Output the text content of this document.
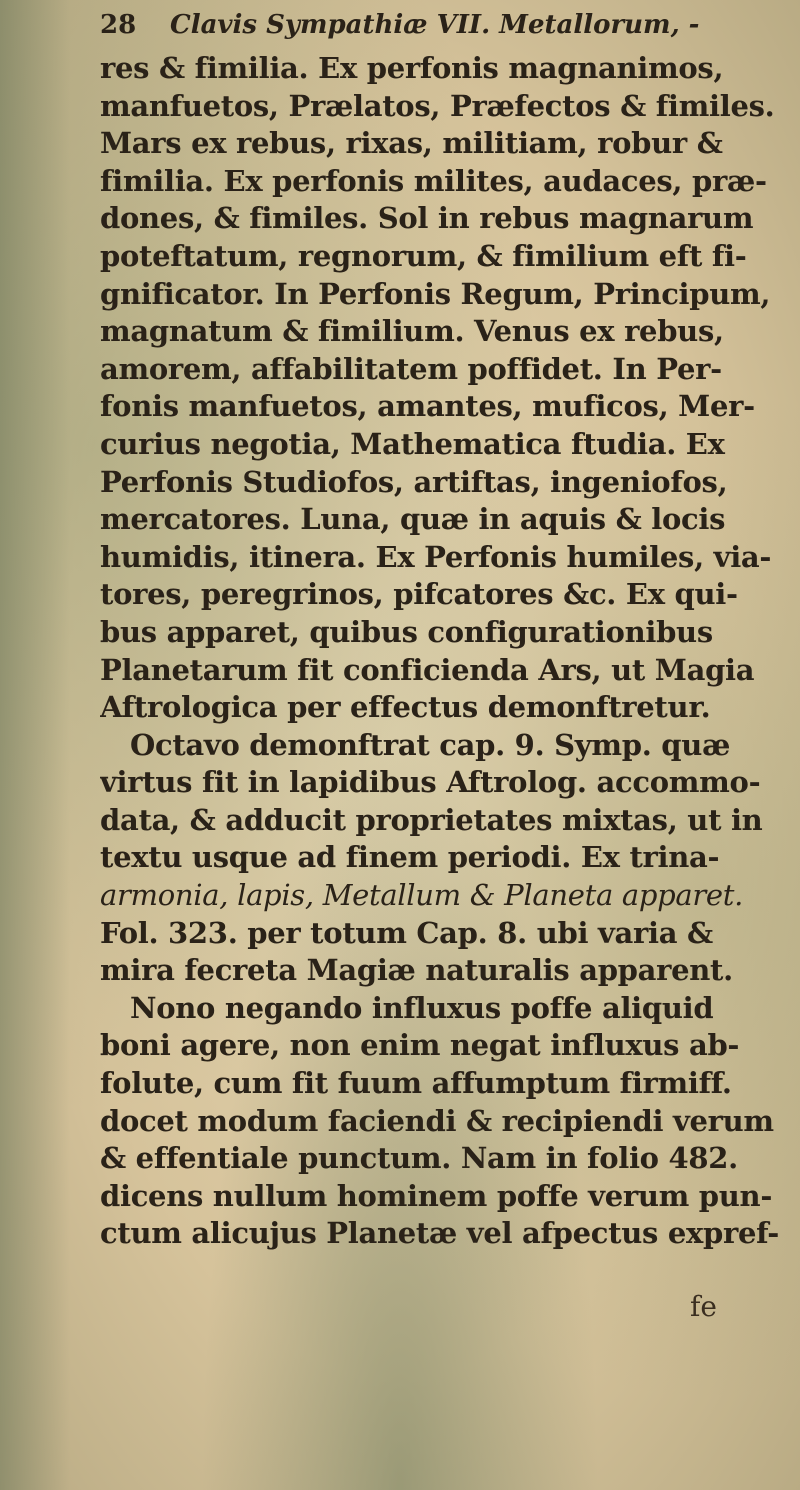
28 Clavis Sympathiæ VII. Metallorum, -
res & fimilia. Ex perfonis magnanimos,
manfuetos, Prælatos, Præfectos & fimiles.
Mars ex rebus, rixas, militiam, robur &
fimilia. Ex perfonis milites, audaces, præ-
dones, & fimiles. Sol in rebus magnarum
poteftatum, regnorum, & fimilium eft fi-
gnificator. In Perfonis Regum, Principum,
magnatum & fimilium. Venus ex rebus,
amorem, affabilitatem poffidet. In Per-
fonis manfuetos, amantes, muficos, Mer-
curius negotia, Mathematica ftudia. Ex
Perfonis Studiofos, artiftas, ingeniofos,
mercatores. Luna, quæ in aquis & locis
humidis, itinera. Ex Perfonis humiles, via-
tores, peregrinos, pifcatores &c. Ex qui-
bus apparet, quibus configurationibus
Planetarum fit conficienda Ars, ut Magia
Aftrologica per effectus demonftretur.
Octavo demonftrat cap. 9. Symp. quæ
virtus fit in lapidibus Aftrolog. accommo-
data, & adducit proprietates mixtas, ut in
textu usque ad finem periodi. Ex trina-
armonia, lapis, Metallum & Planeta apparet.
Fol. 323. per totum Cap. 8. ubi varia &
mira fecreta Magiæ naturalis apparent.
Nono negando influxus poffe aliquid
boni agere, non enim negat influxus ab-
folute, cum fit fuum affumptum firmiff.
docet modum faciendi & recipiendi verum
& effentiale punctum. Nam in folio 482.
dicens nullum hominem poffe verum pun-
ctum alicujus Planetæ vel afpectus expref-
fe
